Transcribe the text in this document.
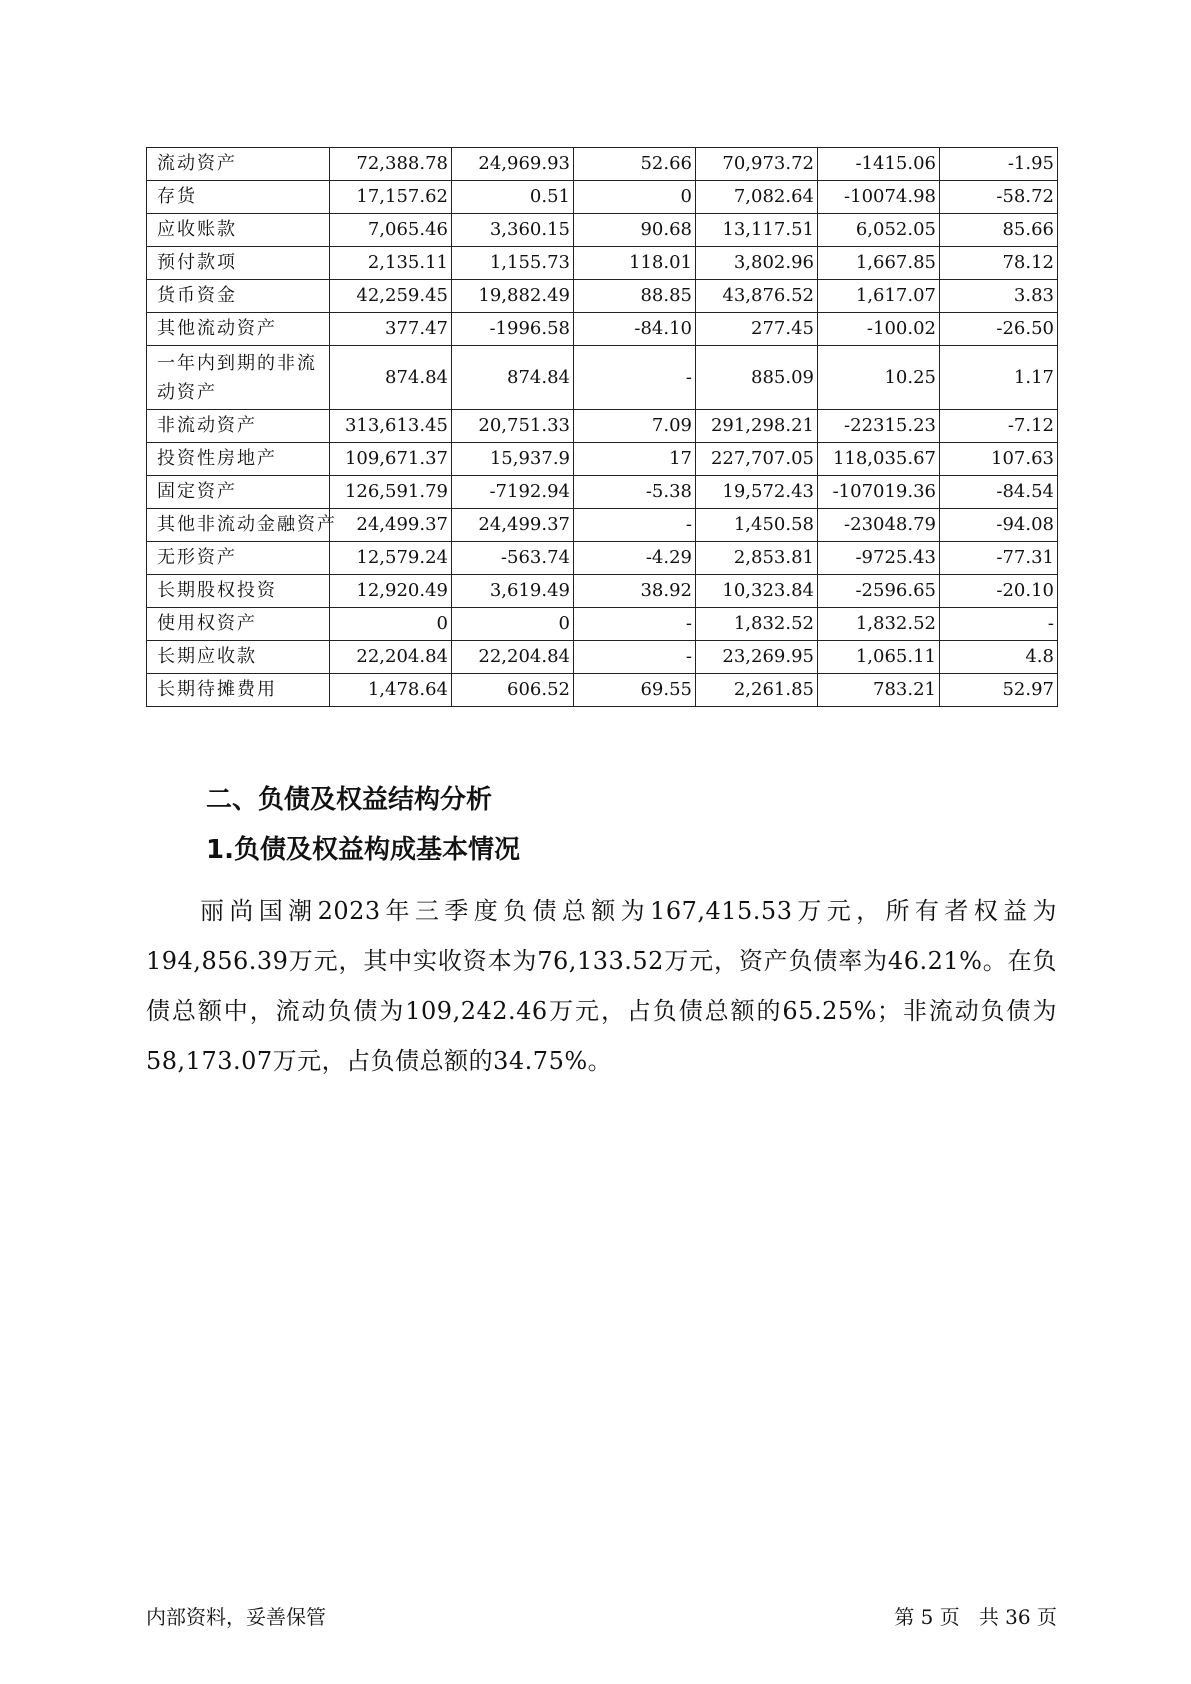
流动资产	72,388.78	24,969.93	52.66	70,973.72	-1415.06	-1.95
存货	17,157.62	0.51	0	7,082.64	-10074.98	-58.72
应收账款	7,065.46	3,360.15	90.68	13,117.51	6,052.05	85.66
预付款项	2,135.11	1,155.73	118.01	3,802.96	1,667.85	78.12
货币资金	42,259.45	19,882.49	88.85	43,876.52	1,617.07	3.83
其他流动资产	377.47	-1996.58	-84.10	277.45	-100.02	-26.50
一年内到期的非流动资产	874.84	874.84	-	885.09	10.25	1.17
非流动资产	313,613.45	20,751.33	7.09	291,298.21	-22315.23	-7.12
投资性房地产	109,671.37	15,937.9	17	227,707.05	118,035.67	107.63
固定资产	126,591.79	-7192.94	-5.38	19,572.43	-107019.36	-84.54
其他非流动金融资产	24,499.37	24,499.37	-	1,450.58	-23048.79	-94.08
无形资产	12,579.24	-563.74	-4.29	2,853.81	-9725.43	-77.31
长期股权投资	12,920.49	3,619.49	38.92	10,323.84	-2596.65	-20.10
使用权资产	0	0	-	1,832.52	1,832.52	-
长期应收款	22,204.84	22,204.84	-	23,269.95	1,065.11	4.8
长期待摊费用	1,478.64	606.52	69.55	2,261.85	783.21	52.97
二、负债及权益结构分析
1.负债及权益构成基本情况

丽尚国潮2023年三季度负债总额为167,415.53万元，所有者权益为194,856.39万元，其中实收资本为76,133.52万元，资产负债率为46.21%。在负债总额中，流动负债为109,242.46万元，占负债总额的65.25%；非流动负债为58,173.07万元，占负债总额的34.75%。

内部资料，妥善保管	第 5 页   共 36 页
